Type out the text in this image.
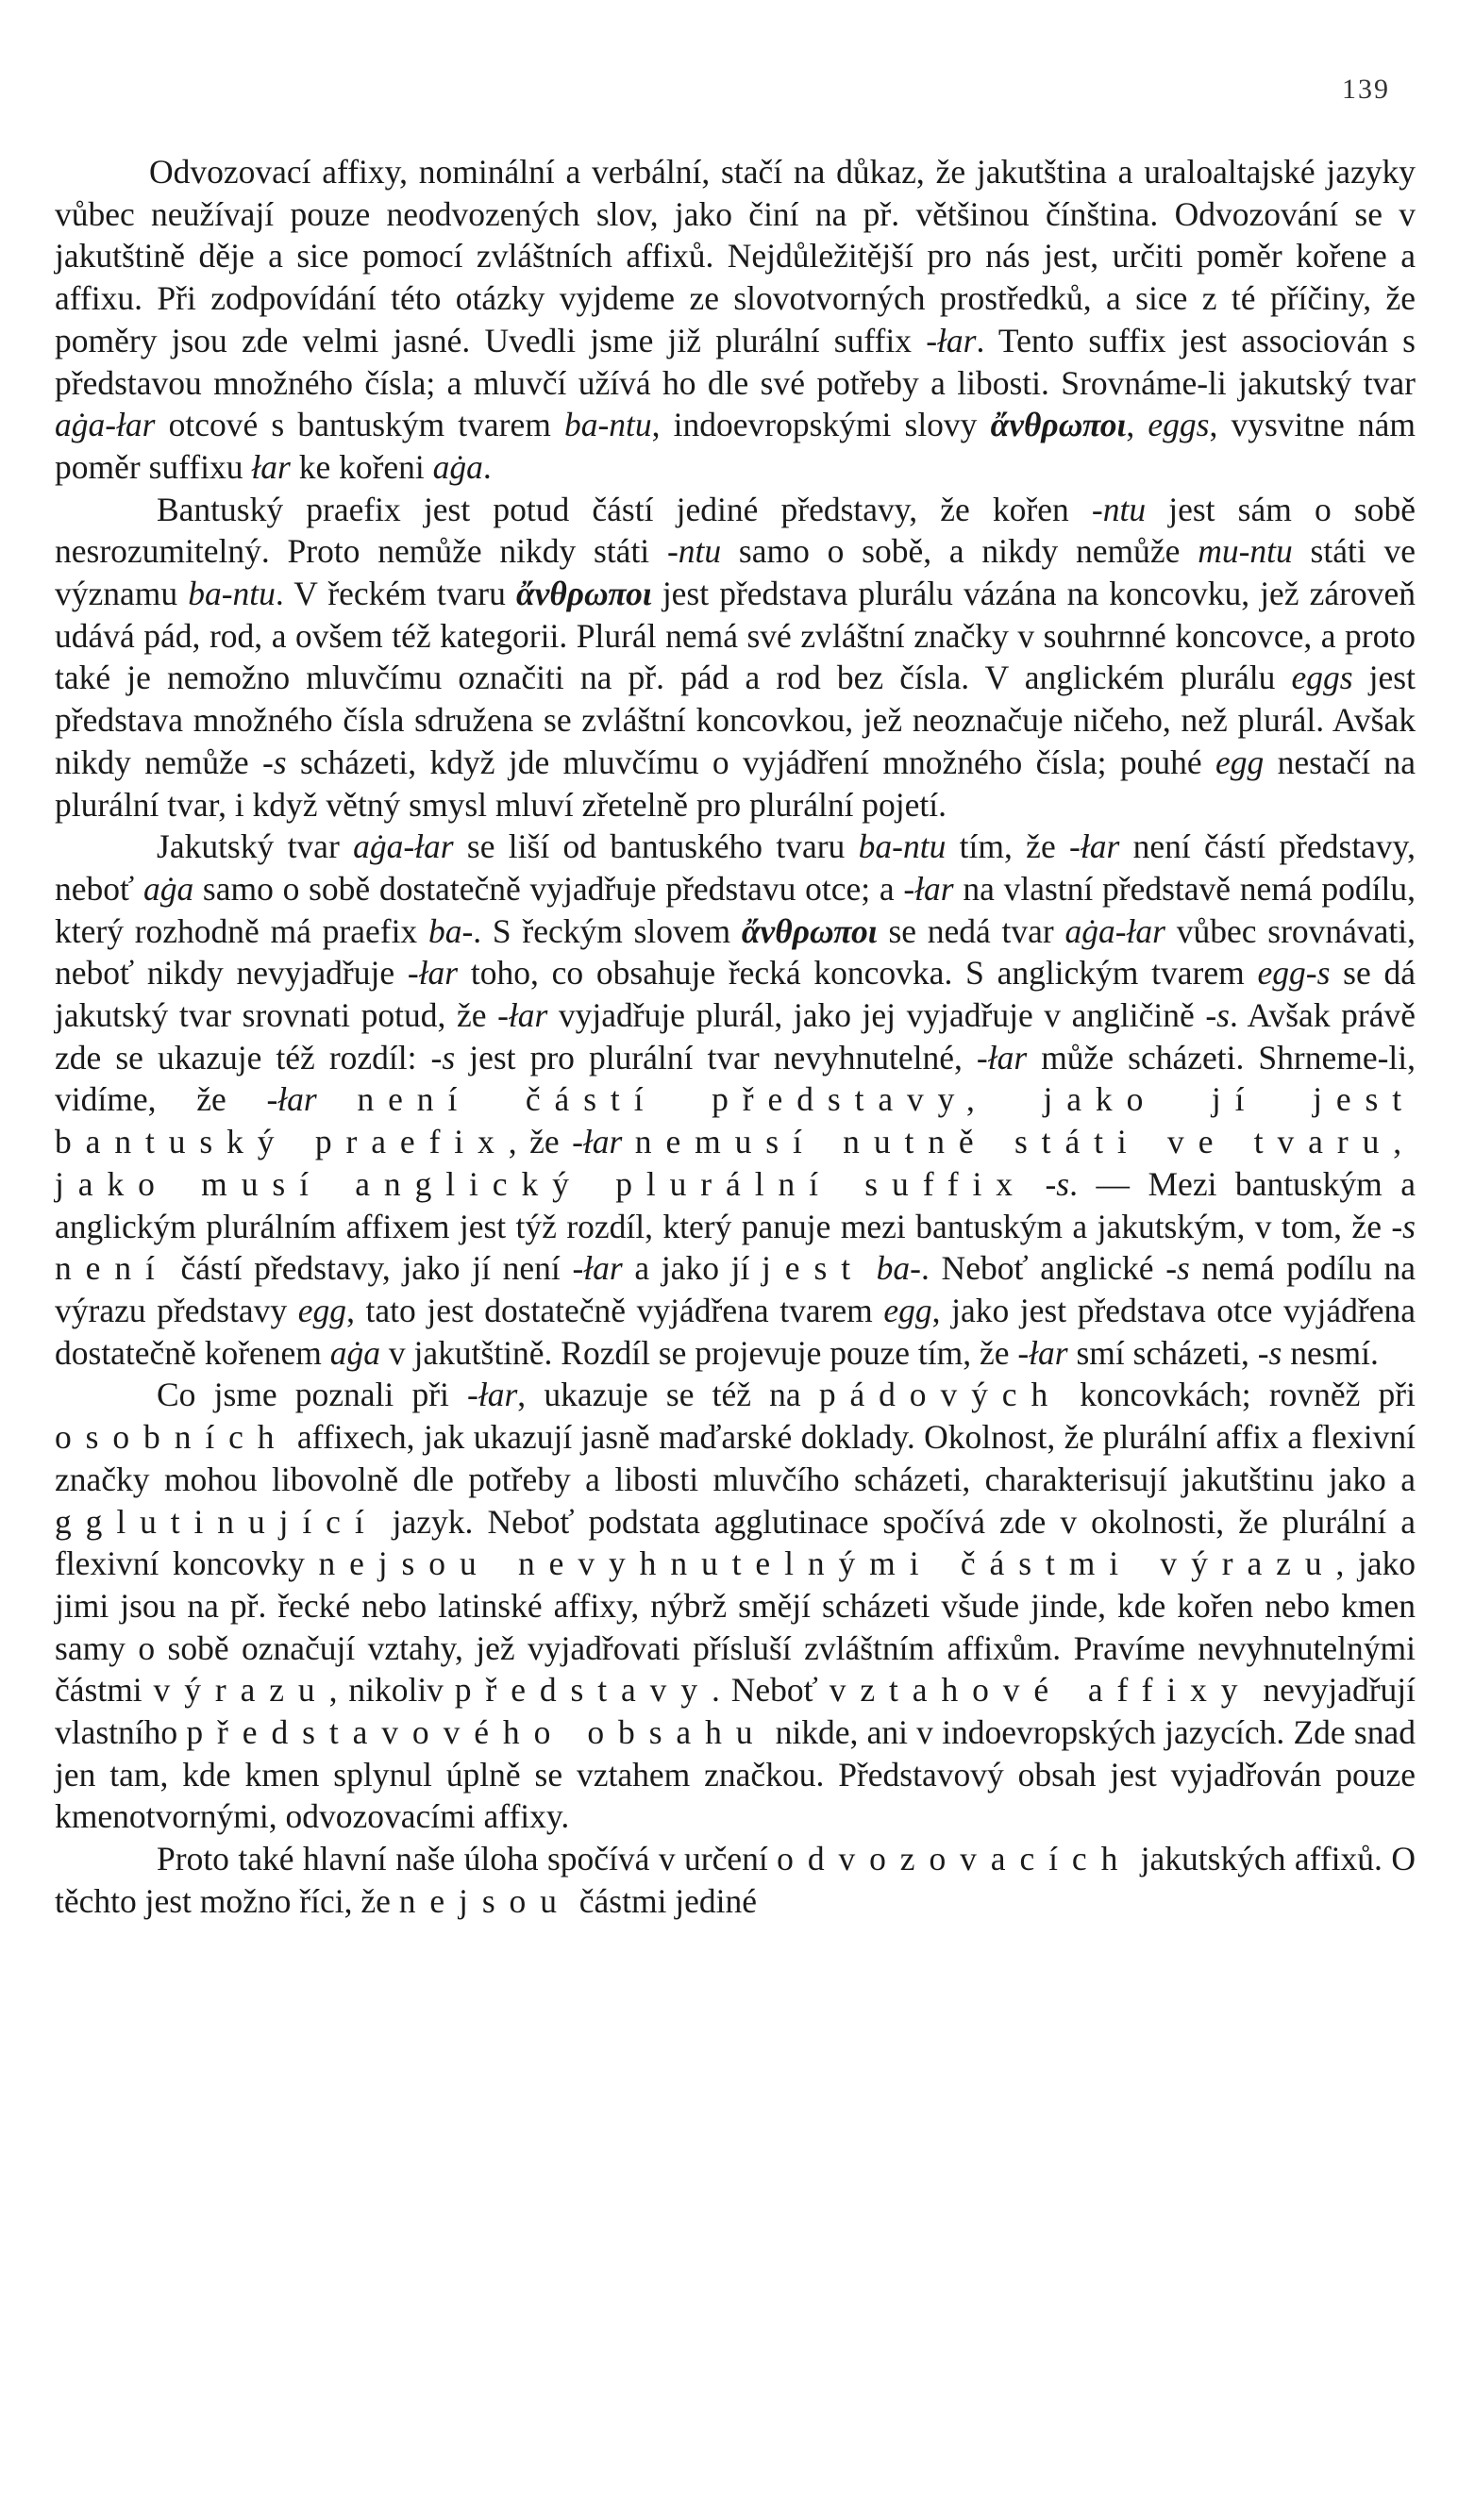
139

Odvozovací affixy, nominální a verbální, stačí na důkaz, že jakutština a uraloaltajské jazyky vůbec neužívají pouze neodvozených slov, jako činí na př. většinou čínština. Odvozování se v jakutštině děje a sice pomocí zvláštních affixů. Nejdůležitější pro nás jest, určiti poměr kořene a affixu. Při zodpovídání této otázky vyjdeme ze slovotvorných prostředků, a sice z té příčiny, že poměry jsou zde velmi jasné. Uvedli jsme již plurální suffix -łar. Tento suffix jest associován s představou množného čísla; a mluvčí užívá ho dle své potřeby a libosti. Srovnáme-li jakutský tvar aġa-łar otcové s bantuským tvarem ba-ntu, indoevropskými slovy ἄνθρωποι, eggs, vysvitne nám poměr suffixu łar ke kořeni aġa.

Bantuský praefix jest potud částí jediné představy, že kořen -ntu jest sám o sobě nesrozumitelný. Proto nemůže nikdy státi -ntu samo o sobě, a nikdy nemůže mu-ntu státi ve významu ba-ntu. V řeckém tvaru ἄνθρωποι jest představa plurálu vázána na koncovku, jež zároveň udává pád, rod, a ovšem též kategorii. Plurál nemá své zvláštní značky v souhrnné koncovce, a proto také je nemožno mluvčímu označiti na př. pád a rod bez čísla. V anglickém plurálu eggs jest představa množného čísla sdružena se zvláštní koncovkou, jež neoznačuje ničeho, než plurál. Avšak nikdy nemůže -s scházeti, když jde mluvčímu o vyjádření množného čísla; pouhé egg nestačí na plurální tvar, i když větný smysl mluví zřetelně pro plurální pojetí.

Jakutský tvar aġa-łar se liší od bantuského tvaru ba-ntu tím, že -łar není částí představy, neboť aġa samo o sobě dostatečně vyjadřuje představu otce; a -łar na vlastní představě nemá podílu, který rozhodně má praefix ba-. S řeckým slovem ἄνθρωποι se nedá tvar aġa-łar vůbec srovnávati, neboť nikdy nevyjadřuje -łar toho, co obsahuje řecká koncovka. S anglickým tvarem egg-s se dá jakutský tvar srovnati potud, že -łar vyjadřuje plurál, jako jej vyjadřuje v angličině -s. Avšak právě zde se ukazuje též rozdíl: -s jest pro plurální tvar nevyhnutelné, -łar může scházeti. Shrneme-li, vidíme, že -łar není částí představy, jako jí jest bantuský praefix, že -łar nemusí nutně státi ve tvaru, jako musí anglický plurální suffix -s. — Mezi bantuským a anglickým plurálním affixem jest týž rozdíl, který panuje mezi bantuským a jakutským, v tom, že -s není částí představy, jako jí není -łar a jako jí jest ba-. Neboť anglické -s nemá podílu na výrazu představy egg, tato jest dostatečně vyjádřena tvarem egg, jako jest představa otce vyjádřena dostatečně kořenem aġa v jakutštině. Rozdíl se projevuje pouze tím, že -łar smí scházeti, -s nesmí.

Co jsme poznali při -łar, ukazuje se též na pádových koncovkách; rovněž při osobních affixech, jak ukazují jasně maďarské doklady. Okolnost, že plurální affix a flexivní značky mohou libovolně dle potřeby a libosti mluvčího scházeti, charakterisují jakutštinu jako a gglutinující jazyk. Neboť podstata agglutinace spočívá zde v okolnosti, že plurální a flexivní koncovky nejsou nevyhnutelnými částmi výrazu, jako jimi jsou na př. řecké nebo latinské affixy, nýbrž smějí scházeti všude jinde, kde kořen nebo kmen samy o sobě označují vztahy, jež vyjadřovati přísluší zvláštním affixům. Pravíme nevyhnutelnými částmi výrazu, nikoliv představy. Neboť vztahové affixy nevyjadřují vlastního představového obsahu nikde, ani v indoevropských jazycích. Zde snad jen tam, kde kmen splynul úplně se vztahem značkou. Představový obsah jest vyjadřován pouze kmenotvornými, odvozovacími affixy.

Proto také hlavní naše úloha spočívá v určení odvozovacích jakutských affixů. O těchto jest možno říci, že nejsou částmi jediné
